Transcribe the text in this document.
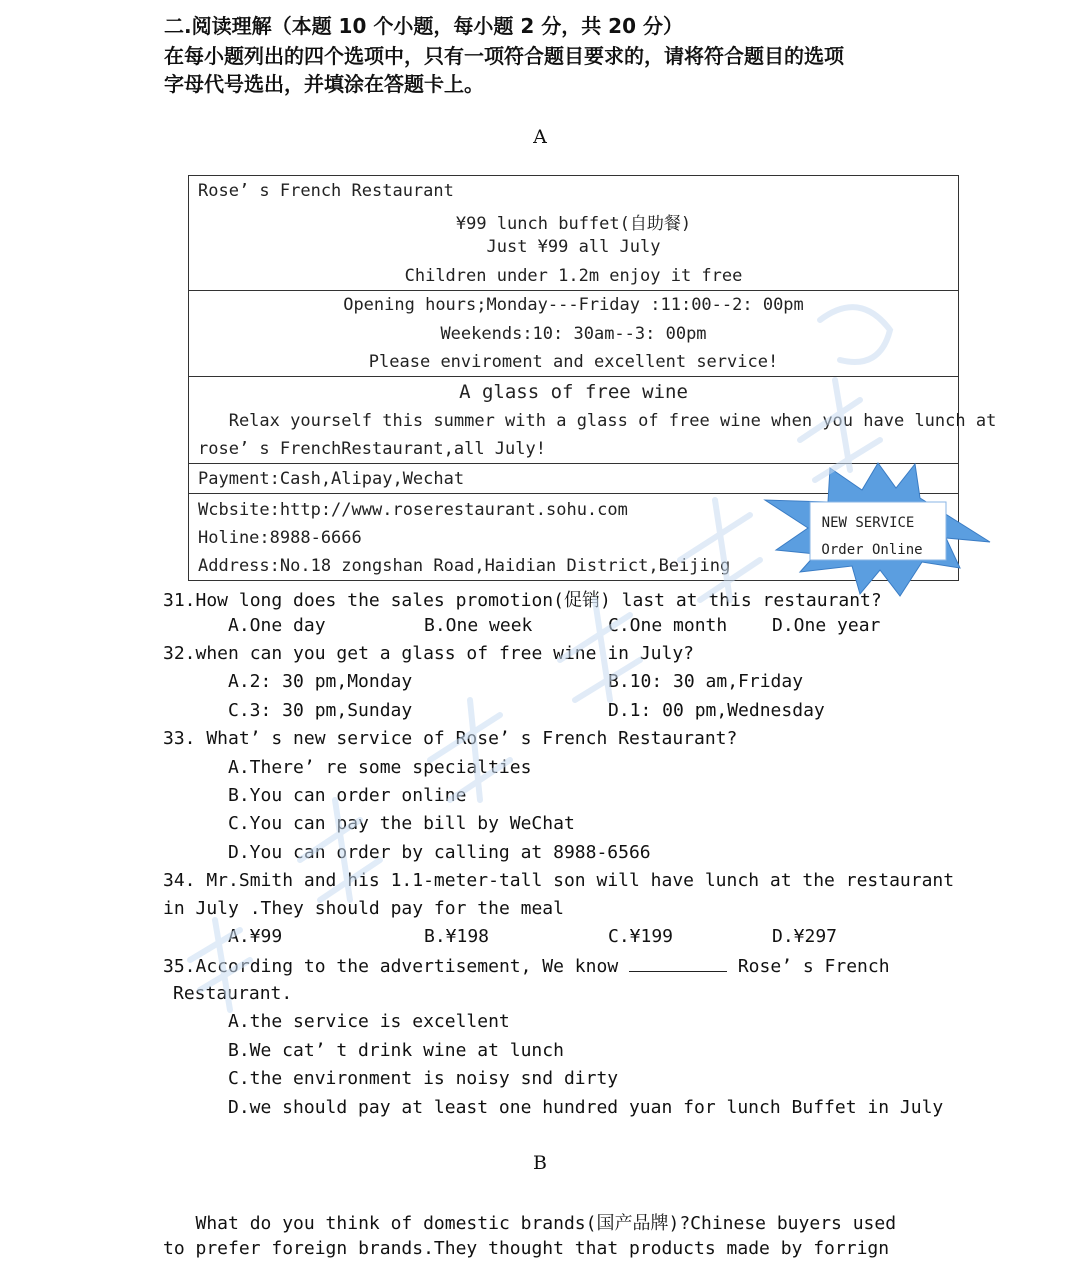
二.阅读理解（本题 10 个小题，每小题 2 分，共 20 分）
在每小题列出的四个选项中，只有一项符合题目要求的，请将符合题目的选项
字母代号选出，并填涂在答题卡上。
A
Rose’ s French Restaurant
¥99 lunch buffet(自助餐)
Just ¥99 all July
Children under 1.2m enjoy it free
Opening hours;Monday---Friday :11:00--2: 00pm
Weekends:10: 30am--3: 00pm
Please enviroment and excellent service!
A glass of free wine
Relax yourself this summer with a glass of free wine when you have lunch at
rose’ s FrenchRestaurant,all July!
Payment:Cash,Alipay,Wechat
Wcbsite:http://www.roserestaurant.sohu.com
Holine:8988-6666
Address:No.18 zongshan Road,Haidian District,Beijing
NEW SERVICE
Order Online
31.How long does the sales promotion(促销) last at this restaurant?
A.One day	B.One week	C.One month D.One year
32.when can you get a glass of free wine in July?
A.2: 30 pm,Monday	B.10: 30 am,Friday
C.3: 30 pm,Sunday	D.1: 00 pm,Wednesday
33. What’ s new service of Rose’ s French Restaurant?
A.There’ re some specialties
B.You can order online
C.You can pay the bill by WeChat
D.You can order by calling at 8988-6566
34. Mr.Smith and his 1.1-meter-tall son will have lunch at the restaurant
in July .They should pay for the meal
A.¥99	B.¥198	C.¥199	D.¥297
35.According to the advertisement, We know	Rose’ s French
Restaurant.
A.the service is excellent
B.We cat’ t drink wine at lunch
C.the environment is noisy snd dirty
D.we should pay at least one hundred yuan for lunch Buffet in July
B
What do you think of domestic brands(国产品牌)?Chinese buyers used
to prefer foreign brands.They thought that products made by forrign
